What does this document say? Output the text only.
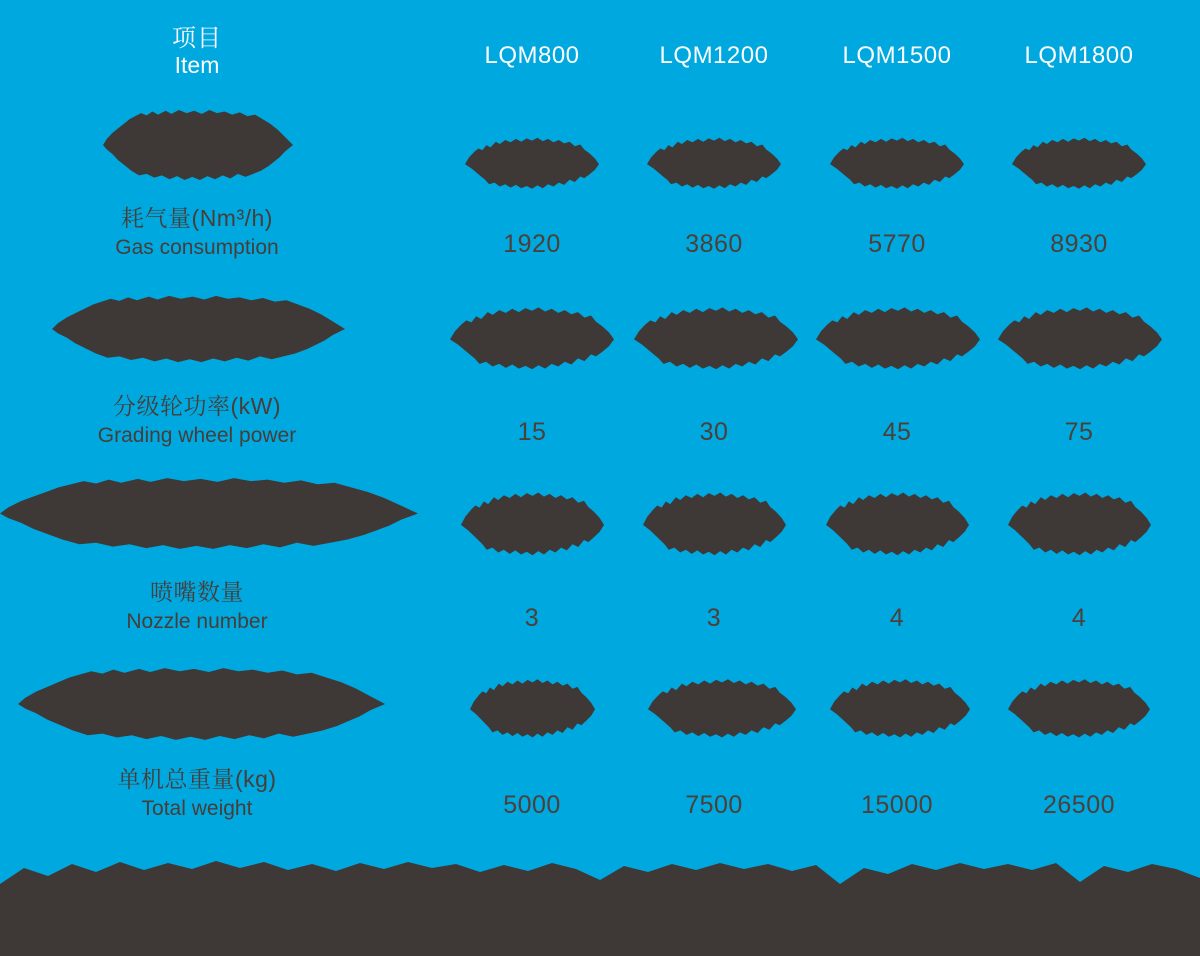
项目
Item	LQM800	LQM1200	LQM1500	LQM1800
耗气量(Nm³/h)
Gas consumption	1920	3860	5770	8930
分级轮功率(kW)
Grading wheel power	15	30	45	75
喷嘴数量
Nozzle number	3	3	4	4
单机总重量(kg)
Total weight	5000	7500	15000	26500
